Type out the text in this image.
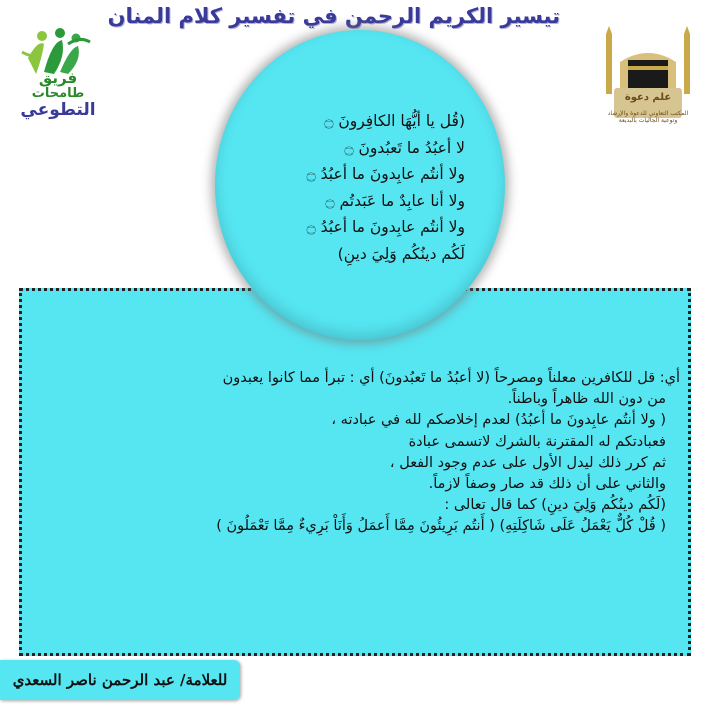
تيسير الكريم الرحمن في تفسير كلام المنان
فريق
طامحات
التطوعي
علم دعوة
المكتب التعاوني للدعوة والإرشاد وتوعية الجاليات بالبديعة
(قُل يا أيُّهَا الكافِرونَ ۝
لا أعبُدُ ما تَعبُدونَ ۝
ولا أنتُم عابِدونَ ما أعبُدُ ۝
ولا أنا عابِدٌ ما عَبَدتُم ۝
ولا أنتُم عابِدونَ ما أعبُدُ ۝
لَكُم دينُكُم وَلِيَ دينِ)
أي: قل للكافرين معلناً ومصرحاً (لا أعبُدُ ما تَعبُدونَ) أي : تبرأ مما كانوا يعبدون
من دون الله ظاهراً وباطناً.
( ولا أنتُم عابِدونَ ما أعبُدُ) لعدم إخلاصكم لله في عبادته ،
فعبادتكم له المقترنة بالشرك لاتسمى عبادة
ثم كرر ذلك ليدل الأول على عدم وجود الفعل ،
والثاني على أن ذلك قد صار وصفاً لازماً.
(لَكُم دينُكُم وَلِيَ دينِ) كما قال تعالى :
( قُلْ كُلٌّ يَعْمَلُ عَلَى شَاكِلَتِهِ) ( أَنتُم بَرِيئُونَ مِمَّا أَعمَلُ وَأَنَاْ بَرِيءٌ مِمَّا تَعْمَلُونَ )
للعلامة/ عبد الرحمن ناصر السعدي
